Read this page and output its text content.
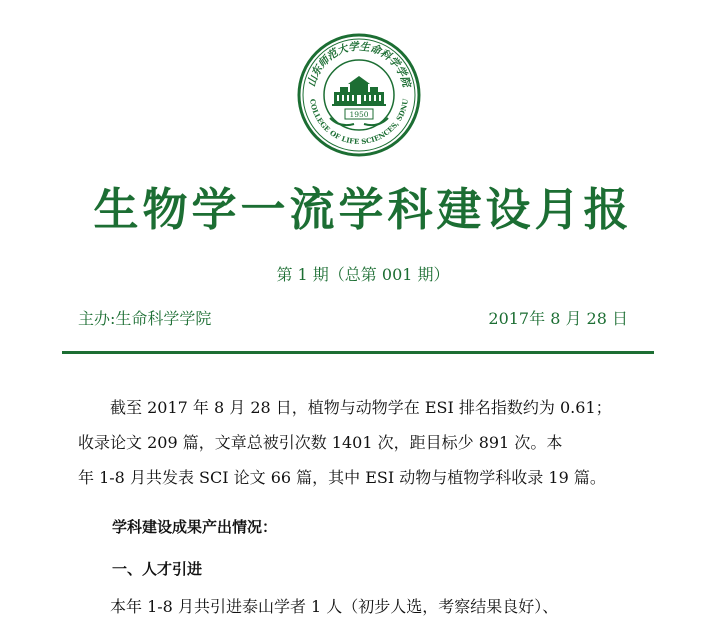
山东师范大学生命科学学院
COLLEGE OF LIFE SCIENCES, SDNU
1950
生物学一流学科建设月报
第 1 期（总第 001 期）
主办:生命科学学院	2017年 8 月 28 日
截至 2017 年 8 月 28 日，植物与动物学在 ESI 排名指数约为 0.61；
收录论文 209 篇，文章总被引次数 1401 次，距目标少 891 次。本
年 1-8 月共发表 SCI 论文 66 篇，其中 ESI 动物与植物学科收录 19 篇。
学科建设成果产出情况：
一、人才引进
本年 1-8 月共引进泰山学者 1 人（初步人选，考察结果良好）、
